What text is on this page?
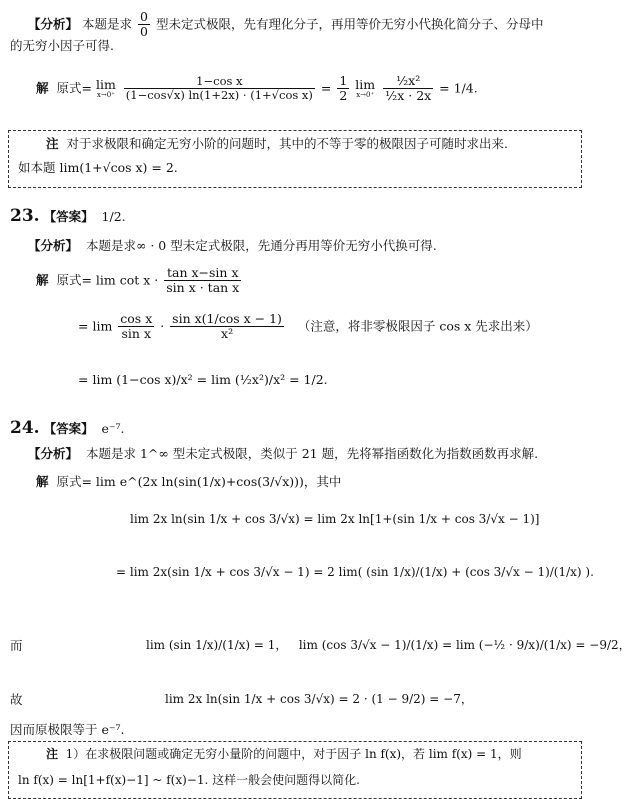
【分析】 本题是求 $\frac{0}{0}$ 型未定式极限，先有理化分子，再用等价无穷小代换化简分子、分母中
的无穷小因子可得.
解 原式= lim
x→0⁺
$\frac{\text{1−cos x}}{\text{(1−cos√x) ln(1+2x) · (1+√cos x)}} = \frac{1}{2}$
lim
x→0⁺
$\frac{\text{½x²}}{\text{½x · 2x}} = 1/4$.
注 对于求极限和确定无穷小阶的问题时，其中的不等于零的极限因子可随时求出来.
如本题 lim(1+√cos x) = 2.
23. 【答案】 1/2.
【分析】 本题是求∞ · 0 型未定式极限，先通分再用等价无穷小代换可得.
解 原式= $\lim \cot x \cdot \frac{\text{tan x−sin x}}{\text{sin x · tan x}}$
= $\lim \frac{\text{cos x}}{\text{sin x}} \cdot \frac{\text{sin x(1/cos x − 1)}}{\text{x²}}$ （注意，将非零极限因子 cos x 先求出来）
= lim (1−cos x)/x² = lim (½x²)/x² = 1/2.
24. 【答案】 e⁻⁷.
【分析】 本题是求 1^∞ 型未定式极限，类似于 21 题，先将幂指函数化为指数函数再求解.
解 原式= lim e^(2x ln(sin(1/x)+cos(3/√x)))，其中
lim 2x ln(sin 1/x + cos 3/√x) = lim 2x ln[1+(sin 1/x + cos 3/√x − 1)]
= lim 2x(sin 1/x + cos 3/√x − 1) = 2 lim( (sin 1/x)/(1/x) + (cos 3/√x − 1)/(1/x) ).
而	lim (sin 1/x)/(1/x) = 1， lim (cos 3/√x − 1)/(1/x) = lim (−½ · 9/x)/(1/x) = −9/2，
故	lim 2x ln(sin 1/x + cos 3/√x) = 2 · (1 − 9/2) = −7，
因而原极限等于 e⁻⁷.
注 1）在求极限问题或确定无穷小量阶的问题中，对于因子 ln f(x)，若 lim f(x) = 1，则
ln f(x) = ln[1+f(x)−1] ~ f(x)−1. 这样一般会使问题得以简化.
